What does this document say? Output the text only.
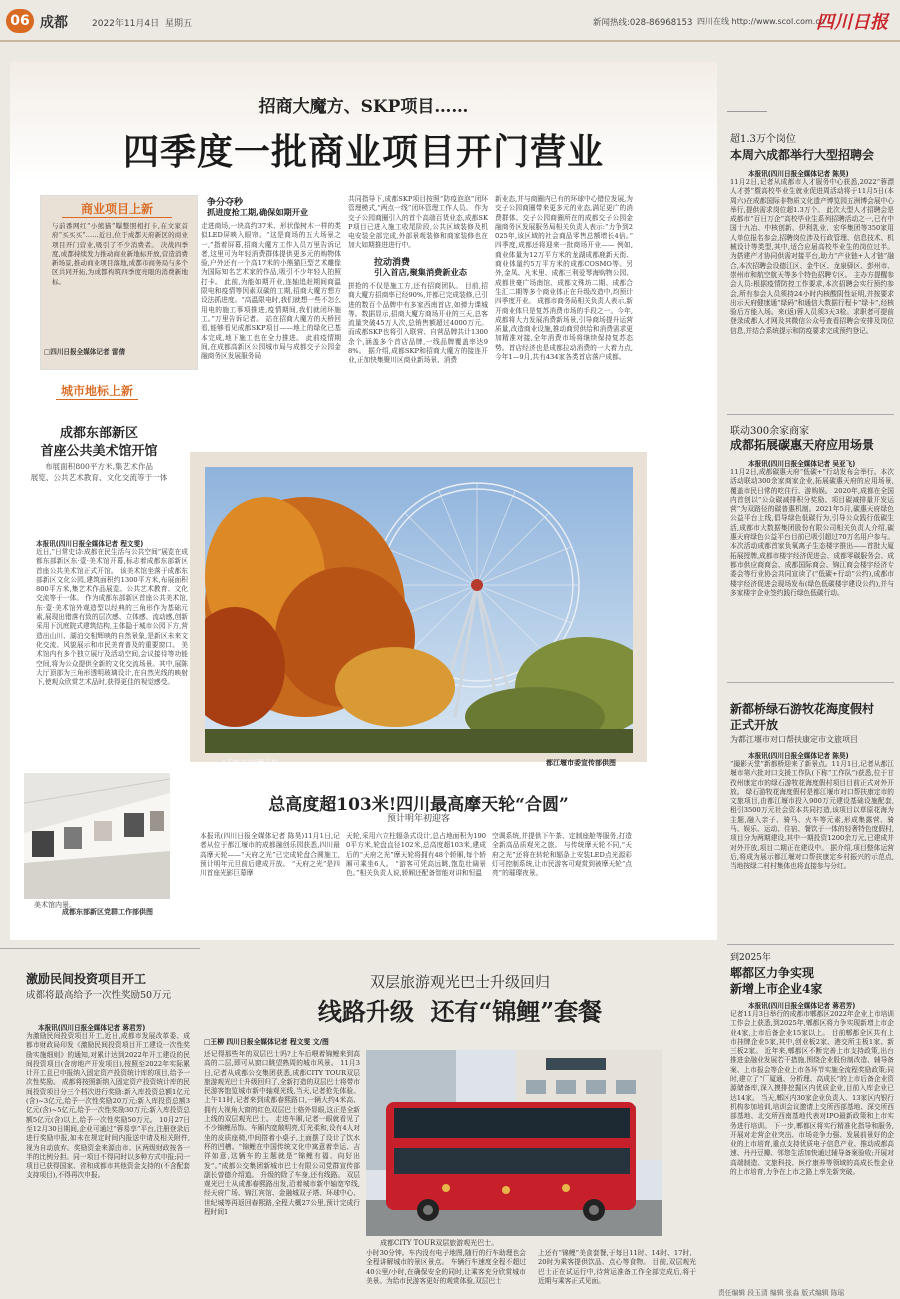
06 成都	2022年11月4日 星期五	新闻热线:028-86968153 四川在线 http://www.scol.com.cn
四川日报
招商大魔方、SKP项目……
四季度一批商业项目开门营业
商业项目上新
与前番网红“小熊猫”曝整照相打卡,在文家首府“买买买”……近日,位于成都天府新区的商业项目开门营业,吸引了不少消费者。 决战四季度,成都持续发力推动商业新地标开放,营造消费新场景,推动商业项目落地,成都市商务局与多个区共同开拓,为成都构筑四季度亮眼的消费新地标。
□四川日报全媒体记者 雷倩
争分夺秒
抓进度抢工期,确保如期开业
走进商场,一块高约37米、形状像树木一样的类似LED屏映入眼帘。“这是商场的五大场景之一,”指着屏幕,招商大魔方工作人员万里告诉记者,这里可为年轻消费群体提供更多元的购物体验,户外还有一个高17米的小熊猫巨型艺术雕像为国际知名艺术家的作品,吸引不少年轻人拍照打卡。 此前,为能如期开业,连轴追赶期间商温限电和疫情等因素双碳的工期,招商大魔方想方设法抓进度。“高温限电时,我们就想一些不怎么用电的施工事项推进,疫情期间,我们就闭环施工。”万里告诉记者。 站在招商大魔方的天桥回看,能够看见成都SKP项目——地上的绿化已基本完成,地下施工也在全力推进。 此前疫情期间,在成都高新区公园城市局与成都交子公园金融商务区发展服务局
共同指导下,成都SKP项目按照“防疫泡泡”闭环管理模式,“两点一线”闭环管理工作人员。 作为交子公园商圈引入的首个高端百货业态,成都SKP项目已进入施工收尾阶段,公共区域装修及机电安装全部完成,外部景观装修和商家装修也在加大如期推进进行中。
拉动消费
引入首店,聚集消费新业态
拼抢的不仅是施工方,还有招商团队。 目前,招商大魔方招商率已经90%,并都已完成装修,已引进的数百个品牌中有多家西南首店,如弹力课城等。数据显示,招商大魔方商场开业的三天,总客流量突破45万人次,总销售额超过4000万元。 而成都SKP也将引入联营、自营品牌共计1300余个,涵盖多个首店品牌,一线品牌覆盖率达98%。 据介绍,成都SKP和招商大魔方的接连开业,正加快集聚川区商业新场景、消费
新业态,并与商圈内已有的环球中心错位发展,为交子公园商圈带来更多元的业态,满足更广的消费群体。交子公园商圈所在的成都交子公园金融商务区发展服务局相关负责人表示:“力争到2025年,该区域的社会商品零售总额增长4倍。” 四季度,成都还将迎来一批商场开业—— 例如,商业体量为12万平方米的龙湖成都鹿新天街、商业体量约5万平方米的成都COSMO等。另外,金凤、凡米里、成都三利爱琴海购物公园、成都世豪广场南馆、成都文殊坊二期、成都合生汇二期等多个商业体正在升级改造中,均预计四季度开业。 成都市商务局相关负责人表示,新开商业体只是复苏消费市场的手段之一。今年,成都将大力发展消费新场景,引导商场提升运营质量,改造商业设施,推动商贸供给和消费需求更加精准对接,全年消费市场将继续保持复苏态势。首店经济也是成都拉动消费的一大着力点,今年1—9月,共有434家各类首店落户成都。
城市地标上新
成都东部新区
首座公共美术馆开馆
布展面积800平方米,集艺术作品
展览、公共艺术教育、文化交流等于一体
本报讯(四川日报全媒体记者 程文雯)
近日,“日常史诗:成都在民生活与公共空间”展览在成都东部新区东·壹·美术馆开幕,标志着成都东部新区首座公共美术馆正式开馆。 该美术馆坐落于成都东部新区文化公园,建筑面积约1300平方米,布展面积800平方米,集艺术作品展览、公共艺术教育、文化交流等于一体。 作为成都东部新区首座公共美术馆,东·壹·美术馆外观造型以经典的三角形作为基础元素,展现出错落有致的层次感、立体感、流动感,创新采用下沉庭院式建筑结构,主体隐于城市公园下方,营造出山川、湖泊交相辉映的自然景象,是新区未来文化交流、风貌展示和市民美育普及的重要窗口。 美术馆内有多个独立展厅及活动空间,会议接待等功能空间,将为公众提供全新的文化交流场景。其中,展陈大厅顶部为三角形透明玻璃设计,在自然光线的映射下,使观众欣赏艺术品时,获得更佳的视觉感受。
美术馆内景。
成都东部新区党群工作部供图
“天府之光”摩天轮。	都江堰市委宣传部供图
总高度超103米!四川最高摩天轮“合圆”
预计明年初迎客
本报讯(四川日报全媒体记者 陈昊)11月1日,记者从位于都江堰市的成都融创乐园获悉,四川最高摩天轮——“天府之光”已完成轮盘合圆施工,预计明年元旦前后建成开放。 “天府之光”是四川首座光影巨幕摩
天轮,采用六立柱辐条式设计,总占地面积为1900平方米,轮盘直径102米,总高度超103米,建成后的“天府之光”摩天轮将拥有48个轿厢,每个轿厢可乘坐6人。 “游客可凭高远眺,饱览壮阔景色。”相关负责人说,轿厢还配备智能对讲和恒温
空调系统,并提供下午茶、定制座舱等服务,打造全新高品质观光之旅。 与传统摩天轮不同,“天府之光”还将在转轮和辐条上安装LED点光源彩灯可控制系统,让市民游客可观赏到被摩天轮“点亮”的璀璨夜景。
超1.3万个岗位
本周六成都举行大型招聘会
本报讯(四川日报全媒体记者 陈昊)
11月2日,记者从成都市人才服务中心获悉,2022“蓉漂人才荟”暨高校毕业生就业促进周活动将于11月5日(本周六)在成都国际非物质文化遗产博览园五洲博会展中心举行,提供需求岗位超1.3万个。 此次大型人才招聘会是成都市“百日万企”高校毕业生系列招聘活动之一,已有中国十九冶、中核创新、伊利乳业、宏华集团等350家用人单位报名参会,招聘岗位涉及行政管理、信息技术、机械设计等类型,其中,适合应届高校毕业生的岗位过半。 为搭建产才协同供需对接平台,助力“产业链+人才链”融合,本次招聘会设德江区、金牛区、龙泉驿区、彭州市、崇州市和航空航天等多个特色招聘专区。 主办方提醒参会人员:根据疫情防控工作要求,本次招聘会实行预约参会,所有参会人员须持24小时内核酸阴性证明,并按要求出示天府健康通“绿码”和通信大数据行程卡“绿卡”,经核验后方能入场。来(返)蓉人员须3天3检。求职者可提前登录成都人才网及其微信公众号查看招聘会安排及岗位信息,并结合系统提示和防疫要求完成预约登记。
联动300余家商家
成都拓展碳惠天府应用场景
本报讯(四川日报全媒体记者 吴亚飞)
11月2日,成都碳惠天府“低碳+”行动发布会举行。本次活动联动300余家商家企业,拓展碳惠天府的应用场景,覆盖市民日常的吃住行、游购娱。 2020年,成都在全国内首创以“公众碳减排积分奖励、项目碳减排量开发运营”为双路径的碳普惠机制。2021年5月,碳惠天府绿色公益平台上线,倡导绿色低碳行为,引导公众践行低碳生活,成都市大数据集团股份有限公司相关负责人介绍,碳惠天府绿色公益平台目前已吸引超过70万名用户参与。 本次活动成都首家负氧离子生态楼字推出——首批大厦拓展授牌,成都市楼宇经济促进会、成都零碳服务会、成都市供应商商会、成都国际商会、锦江商会楼宇经济专委会等行业协会共同宣读了(“低碳+行动”公约),成都市楼宇经济促进会现场发布(绿色低碳楼宇建设公约),并与多家楼宇企业签约践行绿色低碳行动。
新都桥绿石游牧花海度假村
正式开放
为都江堰市对口帮扶康定市文旅项目
本报讯(四川日报全媒体记者 陈昊)
“撮影天堂”新都桥迎来了新景点。11月1日,记者从都江堰市第六批对口支援工作队(下称“工作队”)获悉,位于甘孜州康定市的绿石游牧花海度假村项目目前正式对外开放。 绿石游牧花海度假村是都江堰市对口帮扶康定市的文旅项目,由都江堰市投入900万元建设基础设施配套,租引3500万元社会资本共同打造,该项目以草原花海为主题,融入亲子、骑马、火车等元素,形成集露营、骑马、娱乐、运动、住宿、餐饮于一体的轻奢特色度假村,项目分为两期建设,其中一期投资1200余万元,已建成并对外开放,项目二期正在建设中。 据介绍,项目整体运营后,将成为展示都江堰对口帮扶康定乡村振兴的示范点,当地按绿二村村集体也将直接参与分红。
到2025年
郫都区力争实现
新增上市企业4家
本报讯(四川日报全媒体记者 蒋君芳)
记者11月3日举行的成都市郫都区2022年企业上市培训工作会上获悉,到2025年,郫都区将力争实现新增上市企业4家,上市后备企业15家以上。 目前郫都全区共有上市挂牌企业5家,其中,创业板2家、港交所主板1家、新三板2家。 近年来,郫都区不断完善上市支持政策,出台推进金融业发展若干措施,围绕企业股份制改造、辅导备案、上市报会等企业上市各环节实施全流程奖励政策;同时,建立了“厂厦通、分析理、高成长”的上市后备企业资源储备库,深入摸排挖掘区内优质企业,目前入库企业已达14家。 当天,郫区内30家企业负责人、13家区内银行机构参加培训,培训会议邀请上交所西部基地、深交所西部基地、北交所西南基地代表对IPO最新政策和上市实务进行培训。 下一步,郫都区将实行精准化指导和服务,开展对走营企业突出、市场竞争力强、发展前景好的企业的上市培育,重点支持优质电子信息产业、推动成都高速、丹丹豆瓣、邻您生活加快通过辅导备案验收;开展对高端制造、文旅科技、医疗康养等领域的高成长性企业的上市培育,力争在上市之路上率先新突破。
激励民间投资项目开工
成都将最高给予一次性奖励50万元
本报讯(四川日报全媒体记者 蒋君芳)
为激励民间投资项目开工,近日,成都市发展改革委、成都市财政局印发《激励民间投资项目开工建设一次性奖励实施细则》的通知,对累计达到2022年开工建设的民间投资项目(含房地产开发项目),按照至2022年实际累计开工且已申报纳入固定资产投资统计库的项目,给予一次性奖励。 成都将按照新纳入固定资产投资统计库的民间投资项目分三个档次进行奖励:新入库投资总额1亿元(含)~3亿元,给予一次性奖励20万元;新入库投资总额3亿元(含)~5亿元,给予一次性奖励30万元;新入库投资总额5亿元(含)以上,给予一次性奖励50万元。 10月27日至12月30日期间,企业可通过“蓉易享”平台,注册登录后进行奖励申报,如未在规定时间内报送申请及相关附件,视为自动放弃。奖励资金来源由市、区两级财政按各一半的比例分担。同一项目不得同时以多种方式申报;同一项目已获得国家、省和成都市其他资金支持的(不含配套支持项目),不得再次申报。
双层旅游观光巴士升级回归
线路升级 还有“锦鲤”套餐
□王柳 四川日报全媒体记者 程文雯 文/图
还记得那些年的双层巴士吗?上车后喂着锦鲤来到高高的二层,即可从窗口眺望熟周的城市风景。 11月3日,记者从成都公交集团获悉,成都CITY TOUR双层旅游观光巴士升级回归了,全新打造的双层巴士将带市民游客饱览城市新中轴观光线,当天,记者抢先体验。 上午11时,记者来到成都春熙路口,一辆大约4米高、拥有大视角大窗的红色双层巴士格外显眼,这正是全新上线的双层观光巴士。 走进车厢,记者一眼就看见了不少锦鲤吊饰。车厢内宽敞明亮,灯光柔和,设有4人对坐的皮质座椅,中间搭着小桌子,上面摆了设计了饮水杯的凹槽。“锦鲤在中国传统文化中寓意着幸运、吉祥如意,这辆车的主题就是“锦鲤有福、向好出发”。”成都公交集团新城市巴士有限公司党群宣传部副长曾德介绍道。 升级的除了车身,还有线路。 双层观光巴士从成都春熙路出发,沿着城市新中轴宽窄线,经天府广场、锦江宾馆、金融城双子塔、环球中心、世纪城等再返回春熙路,全程大概27公里,预计完成行程时间1
成都CITY TOUR双层旅游观光巴士。
小时30分钟。车内没有电子地图,随行的行车助理也会全程讲解城市的景区景点。 车辆行车速度全程不超过40公里/小时,在确保安全的同时,让乘客充分欣赏城市美景。为给市民游客更好的观赏体验,双层巴士
上还有“锦鲤”美食套餐,于每日11时、14时、17时、20时为乘客提供饮品、点心等食物。 目前,双层观光巴士正在试运行中,待营运准备工作全部完成后,将于近期与乘客正式见面。
责任编辑 段玉清 编辑 张淼 版式编辑 陈瑶
